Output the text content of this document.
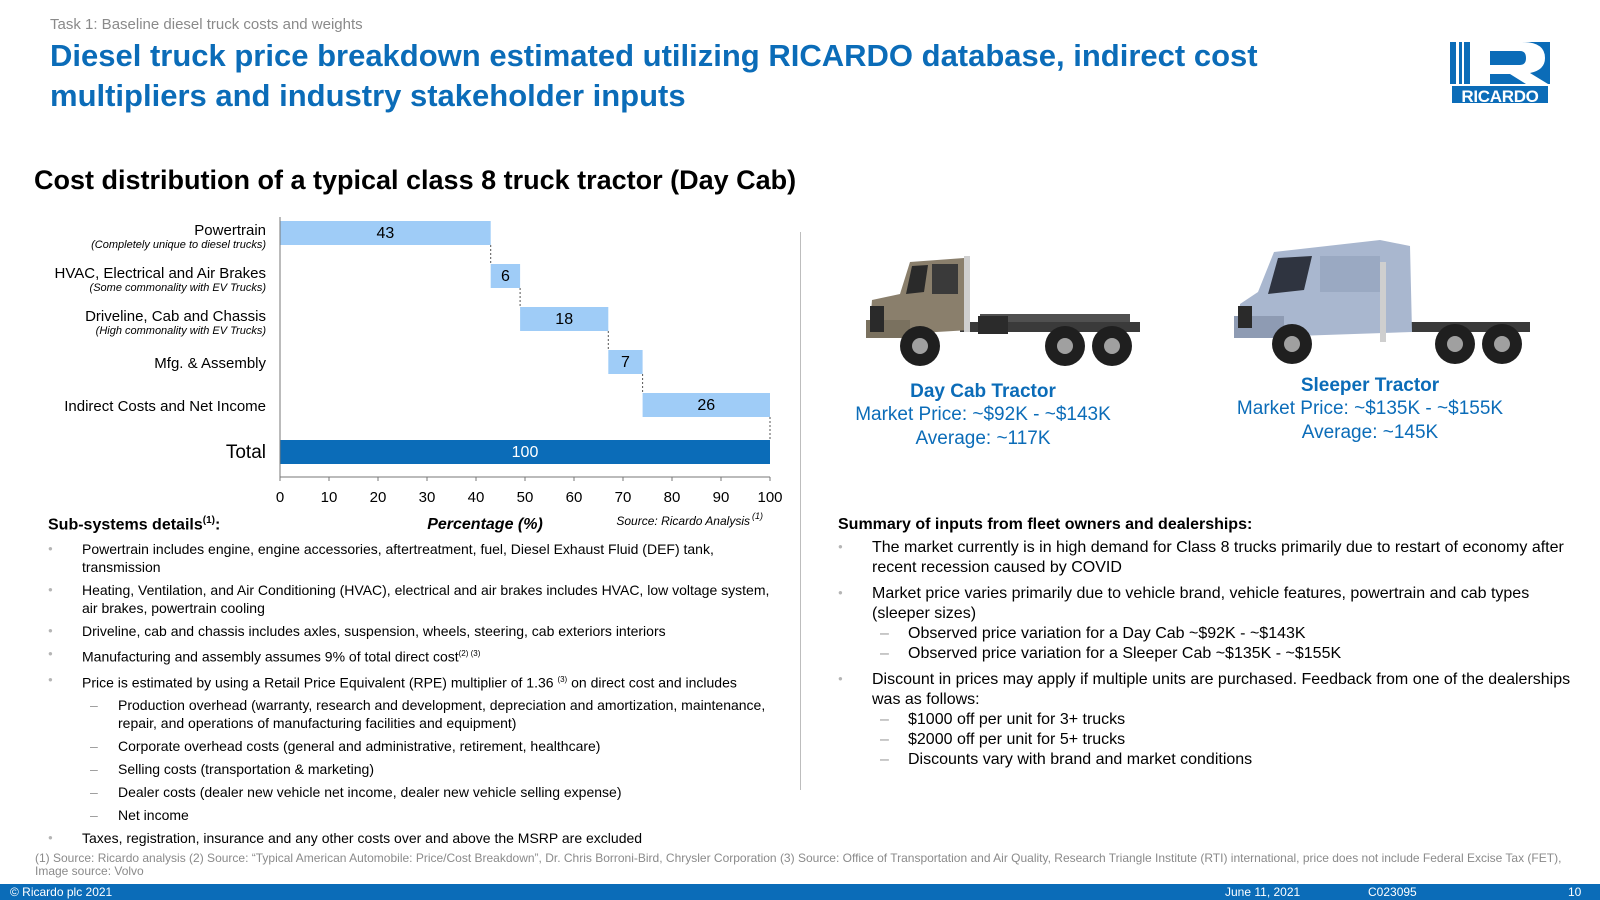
Task 1: Baseline diesel truck costs and weights
Diesel truck price breakdown estimated utilizing RICARDO database, indirect cost multipliers and industry stakeholder inputs	RICARDO
Cost distribution of a typical class 8 truck tractor (Day Cab)
Powertrain
(Completely unique to diesel trucks)
HVAC, Electrical and Air Brakes
(Some commonality with EV Trucks)
Driveline, Cab and Chassis
(High commonality with EV Trucks)
Mfg. & Assembly
Indirect Costs and Net Income
Total
43
6
18
7
26
100
0 10 20 30 40 50 60 70 80 90 100
Percentage (%)	Source: Ricardo Analysis (1)
Day Cab Tractor
Market Price: ~$92K - ~$143K
Average: ~117K
Sleeper Tractor
Market Price: ~$135K - ~$155K
Average: ~145K
Sub-systems details$^{(1)}$:
● Powertrain includes engine, engine accessories, aftertreatment, fuel, Diesel Exhaust Fluid (DEF) tank, transmission
● Heating, Ventilation, and Air Conditioning (HVAC), electrical and air brakes includes HVAC, low voltage system, air brakes, powertrain cooling
● Driveline, cab and chassis includes axles, suspension, wheels, steering, cab exteriors interiors
● Manufacturing and assembly assumes 9% of total direct cost$^{(2) (3)}$
● Price is estimated by using a Retail Price Equivalent (RPE) multiplier of 1.36 $^{(3)}$ on direct cost and includes
– Production overhead (warranty, research and development, depreciation and amortization, maintenance, repair, and operations of manufacturing facilities and equipment)
– Corporate overhead costs (general and administrative, retirement, healthcare)
– Selling costs (transportation & marketing)
– Dealer costs (dealer new vehicle net income, dealer new vehicle selling expense)
– Net income
● Taxes, registration, insurance and any other costs over and above the MSRP are excluded
Summary of inputs from fleet owners and dealerships:
● The market currently is in high demand for Class 8 trucks primarily due to restart of economy after recent recession caused by COVID
● Market price varies primarily due to vehicle brand, vehicle features, powertrain and cab types (sleeper sizes)
– Observed price variation for a Day Cab ~$92K - ~$143K
– Observed price variation for a Sleeper Cab ~$135K - ~$155K
● Discount in prices may apply if multiple units are purchased. Feedback from one of the dealerships was as follows:
– $1000 off per unit for 3+ trucks
– $2000 off per unit for 5+ trucks
– Discounts vary with brand and market conditions
(1) Source: Ricardo analysis (2) Source: “Typical American Automobile: Price/Cost Breakdown”, Dr. Chris Borroni-Bird, Chrysler Corporation (3) Source: Office of Transportation and Air Quality, Research Triangle Institute (RTI) international, price does not include Federal Excise Tax (FET), Image source: Volvo
© Ricardo plc 2021	June 11, 2021	C023095	10
